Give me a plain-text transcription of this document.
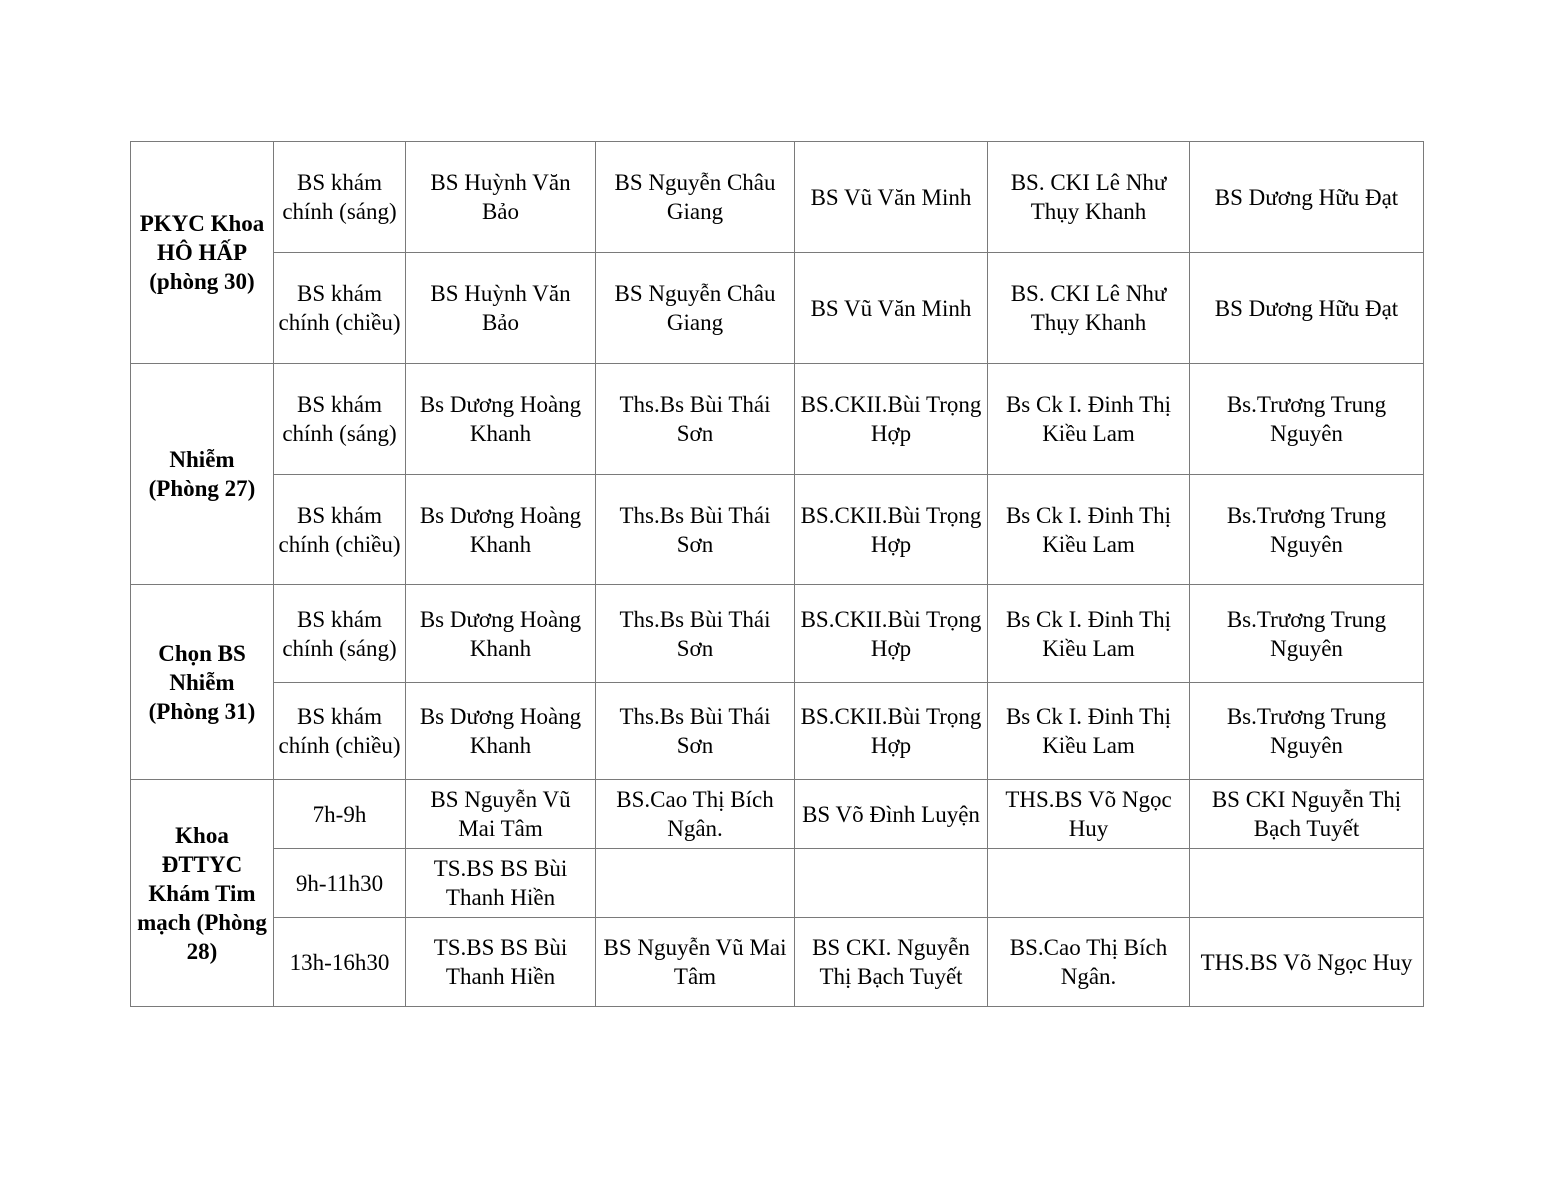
PKYC Khoa HÔ HẤP (phòng 30)	BS khám chính (sáng)	BS Huỳnh Văn Bảo	BS Nguyễn Châu Giang	BS Vũ Văn Minh	BS. CKI Lê Như Thụy Khanh	BS Dương Hữu Đạt
	BS khám chính (chiều)	BS Huỳnh Văn Bảo	BS Nguyễn Châu Giang	BS Vũ Văn Minh	BS. CKI Lê Như Thụy Khanh	BS Dương Hữu Đạt
Nhiễm (Phòng 27)	BS khám chính (sáng)	Bs Dương Hoàng Khanh	Ths.Bs Bùi Thái Sơn	BS.CKII.Bùi Trọng Hợp	Bs Ck I. Đinh Thị Kiều Lam	Bs.Trương Trung Nguyên
	BS khám chính (chiều)	Bs Dương Hoàng Khanh	Ths.Bs Bùi Thái Sơn	BS.CKII.Bùi Trọng Hợp	Bs Ck I. Đinh Thị Kiều Lam	Bs.Trương Trung Nguyên
Chọn BS Nhiễm (Phòng 31)	BS khám chính (sáng)	Bs Dương Hoàng Khanh	Ths.Bs Bùi Thái Sơn	BS.CKII.Bùi Trọng Hợp	Bs Ck I. Đinh Thị Kiều Lam	Bs.Trương Trung Nguyên
	BS khám chính (chiều)	Bs Dương Hoàng Khanh	Ths.Bs Bùi Thái Sơn	BS.CKII.Bùi Trọng Hợp	Bs Ck I. Đinh Thị Kiều Lam	Bs.Trương Trung Nguyên
Khoa ĐTTYC Khám Tim mạch (Phòng 28)	7h-9h	BS Nguyễn Vũ Mai Tâm	BS.Cao Thị Bích Ngân.	BS Võ Đình Luyện	THS.BS Võ Ngọc Huy	BS CKI Nguyễn Thị Bạch Tuyết
	9h-11h30	TS.BS BS Bùi Thanh Hiền				
	13h-16h30	TS.BS BS Bùi Thanh Hiền	BS Nguyễn Vũ Mai Tâm	BS CKI. Nguyễn Thị Bạch Tuyết	BS.Cao Thị Bích Ngân.	THS.BS Võ Ngọc Huy
